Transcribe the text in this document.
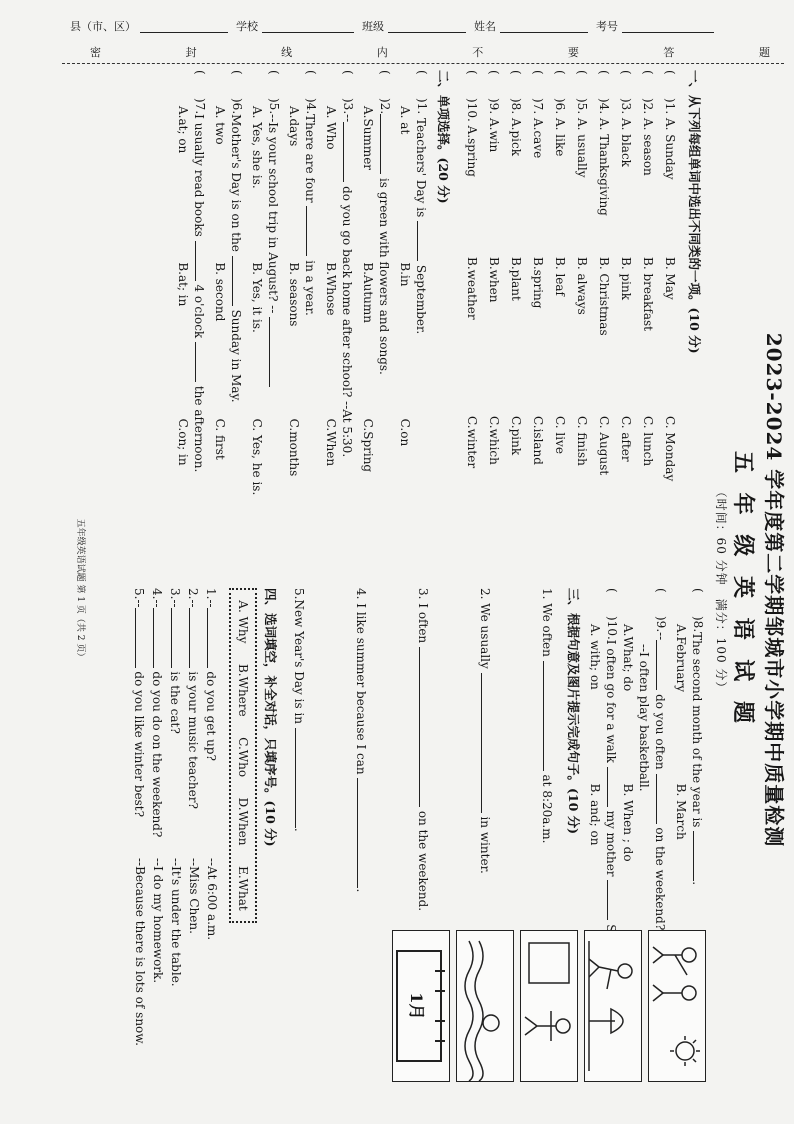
县（市、区）	学校	班级	姓名	考号
密	封	线	内	不	要	答	题
2023-2024 学年度第二学期邹城市小学期中质量检测
五 年 级 英 语 试 题
（时间：60 分钟　满分：100 分）
一、从下列每组单词中选出不同类的一项。(10 分)
(
)1. A. Sunday
B. May
C. Monday
(
)2. A. season
B. breakfast
C. lunch
(
)3. A. black
B. pink
C. after
(
)4. A. Thanksgiving
B. Christmas
C. August
(
)5. A. usually
B. always
C. finish
(
)6. A. like
B. leaf
C. live
(
)7. A.cave
B.spring
C.island
(
)8. A.pick
B.plant
C.pink
(
)9. A.win
B.when
C.which
(
)10. A.spring
B.weather
C.winter
二、单项选择。(20 分)
(
)1.
Teachers' Day is  September.
A. at
B.in
C.on
(
)2.
is green with flowers and songs.
A.Summer
B.Autumn
C.Spring
(
)3.--
do you go back home after school? --At 5:30.
A. Who
B.Whose
C.When
(
)4.
There are four  in a year.
A.days
B. seasons
C.months
(
)5.
--Is your school trip in August? --
A. Yes, she is.
B. Yes, it is.
C. Yes, he is.
(
)6.
Mother's Day is on the  Sunday in May.
A. two
B. second
C. first
(
)7.
I usually read books  4 o'clock  the afternoon.
A.at; on
B.at; in
C.on; in
(
)8.
The second month of the year is .
A.February
B. March
(
)9.--
do you often  on the weekend?
--I often play basketball.
A.What; do
B. When ; do
(
)10.
I often go for a walk  my mother
A. with; on
B. and; on
三、根据句意及图片提示完成句子。(10 分)
1. We often  at 8:20a.m.
2. We usually  in winter.
3. I often  on the weekend.
4. I like summer because I can .
5.New Year's Day is in .
四、选词填空，补全对话，只填序号。(10 分)
A. Why
B.Where
C.Who
D.When
E.What
1.-- do you get up?
--At 6:00 a.m.
2.-- is your music teacher?
--Miss Chen.
3.-- is the cat?
--It's under the table.
4.-- do you do on the weekend?
--I do my homework.
5.-- do you like winter best?
--Because there is lots of snow.	1月
五年级英语试题 第 1 页（共 2 页）
